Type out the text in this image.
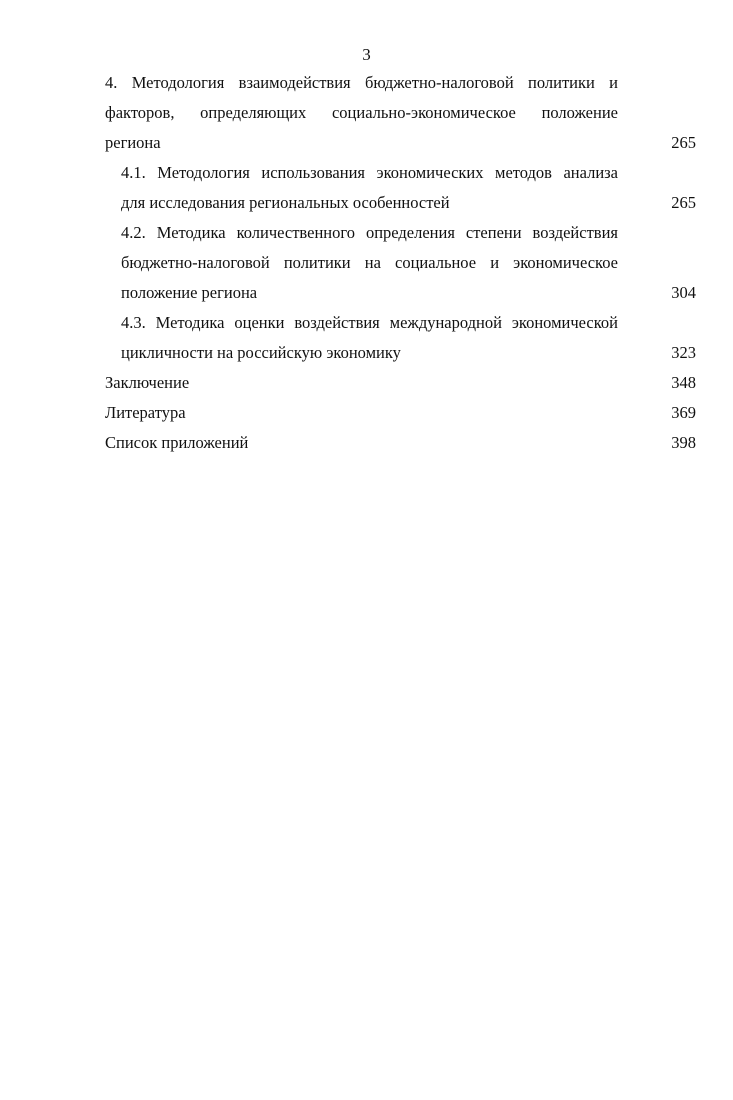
3
4. Методология взаимодействия бюджетно-налоговой политики и
факторов, определяющих социально-экономическое положение
региона	265
4.1. Методология использования экономических методов анализа
для исследования региональных особенностей	265
4.2. Методика количественного определения степени воздействия
бюджетно-налоговой политики на социальное и экономическое
положение региона	304
4.3. Методика оценки воздействия международной экономической
цикличности на российскую экономику	323
Заключение	348
Литература	369
Список приложений	398
